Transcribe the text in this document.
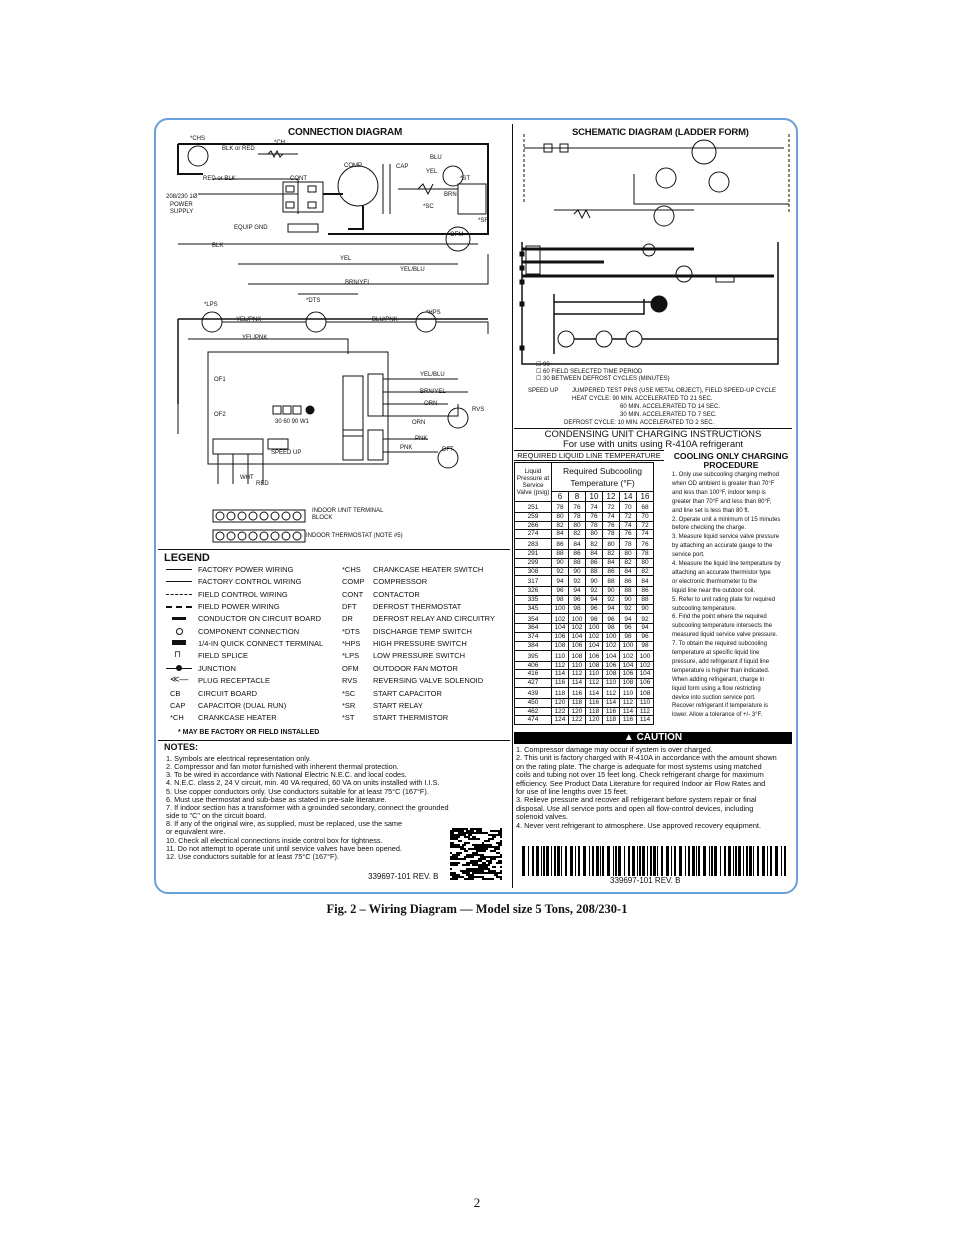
CONNECTION DIAGRAM
*CHS
*CH
BLK or RED
RED or BLK	CONT
COMP	CAP
*SC
*ST
*SR
BLU
YEL
BRN
208/230 1Ø
POWER
SUPPLY
EQUIP GND
OFM
BLK
YEL
YEL/BLU
BRN/YEL
*LPS
*DTS
*HPS
YEL/PNK	BLU/PNK
YEL/PNK
OF1
OF2
YEL/BLU
BRN/YEL
ORN
RVS
ORN
30 60 90 W1
PNK
PNK	DFT
SPEED UP
WHT
RED
INDOOR UNIT TERMINAL BLOCK
INDOOR THERMOSTAT (NOTE #5)
SCHEMATIC DIAGRAM (LADDER FORM)
☐ 90
☐ 60 FIELD SELECTED TIME PERIOD
☐ 30 BETWEEN DEFROST CYCLES (MINUTES)
SPEED UP JUMPERED TEST PINS (USE METAL OBJECT), FIELD SPEED-UP CYCLE
HEAT CYCLE: 90 MIN. ACCELERATED TO 21 SEC.
60 MIN. ACCELERATED TO 14 SEC.
30 MIN. ACCELERATED TO 7 SEC.
DEFROST CYCLE: 10 MIN. ACCELERATED TO 2 SEC.
CONDENSING UNIT CHARGING INSTRUCTIONS
For use with units using R-410A refrigerant
REQUIRED LIQUID LINE TEMPERATURE
Liquid Pressure at Service Valve (psig)	Required Subcooling Temperature (°F)					
	6	8	10	12	14	16
251	78	76	74	72	70	68
259	80	78	76	74	72	70
266	82	80	78	76	74	72
274	84	82	80	78	76	74
283	86	84	82	80	78	76
291	88	86	84	82	80	78
299	90	88	86	84	82	80
308	92	90	88	86	84	82
317	94	92	90	88	86	84
326	96	94	92	90	88	86
335	98	96	94	92	90	88
345	100	98	96	94	92	90
354	102	100	98	96	94	92
364	104	102	100	98	96	94
374	106	104	102	100	98	96
384	108	106	104	102	100	98
395	110	108	106	104	102	100
406	112	110	108	106	104	102
416	114	112	110	108	106	104
427	116	114	112	110	108	106
439	118	116	114	112	110	108
450	120	118	116	114	112	110
462	122	120	118	116	114	112
474	124	122	120	118	116	114
COOLING ONLY CHARGING PROCEDURE
1. Only use subcooling charging method
when OD ambient is greater than 70°F
and less than 100°F, indoor temp is
greater than 70°F and less than 80°F,
and line set is less than 80 ft.
2. Operate unit a minimum of 15 minutes
before checking the charge.
3. Measure liquid service valve pressure
by attaching an accurate gauge to the
service port.
4. Measure the liquid line temperature by
attaching an accurate thermistor type
or electronic thermometer to the
liquid line near the outdoor coil.
5. Refer to unit rating plate for required
subcooling temperature.
6. Find the point where the required
subcooling temperature intersects the
measured liquid service valve pressure.
7. To obtain the required subcooling
temperature at specific liquid line
pressure, add refrigerant if liquid line
temperature is higher than indicated.
When adding refrigerant, charge in
liquid form using a flow restricting
device into suction service port.
Recover refrigerant if temperature is
lower. Allow a tolerance of +/- 3°F.
▲ CAUTION
1. Compressor damage may occur if system is over charged.
2. This unit is factory charged with R-410A in accordance with the amount shown
on the rating plate. The charge is adequate for most systems using matched
coils and tubing not over 15 feet long. Check refrigerant charge for maximum
efficiency. See Product Data Literature for required Indoor air Flow Rates and
for use of line lengths over 15 feet.
3. Relieve pressure and recover all refrigerant before system repair or final
disposal. Use all service ports and open all flow-control devices, including
solenoid valves.
4. Never vent refrigerant to atmosphere. Use approved recovery equipment.
339697-101 REV. B
LEGEND
FACTORY POWER WIRING
FACTORY CONTROL WIRING
FIELD CONTROL WIRING
FIELD POWER WIRING
CONDUCTOR ON CIRCUIT BOARD
COMPONENT CONNECTION
1/4-IN QUICK CONNECT TERMINAL
⊓ FIELD SPLICE
JUNCTION
≪— PLUG RECEPTACLE
CB CIRCUIT BOARD
CAP CAPACITOR (DUAL RUN)
*CH CRANKCASE HEATER
*CHS CRANKCASE HEATER SWITCH
COMP COMPRESSOR
CONT CONTACTOR
DFT DEFROST THERMOSTAT
DR	DEFROST RELAY AND CIRCUITRY
*DTS DISCHARGE TEMP SWITCH
*HPS HIGH PRESSURE SWITCH
*LPS LOW PRESSURE SWITCH
OFM OUTDOOR FAN MOTOR
RVS REVERSING VALVE SOLENOID
*SC START CAPACITOR
*SR START RELAY
*ST START THERMISTOR
* MAY BE FACTORY OR FIELD INSTALLED
NOTES:
1. Symbols are electrical representation only.
2. Compressor and fan motor furnished with inherent thermal protection.
3. To be wired in accordance with National Electric N.E.C. and local codes.
4. N.E.C. class 2, 24 V circuit, min. 40 VA required, 60 VA on units installed with I.I.S.
5. Use copper conductors only. Use conductors suitable for at least 75°C (167°F).
6. Must use thermostat and sub-base as stated in pre-sale literature.
7. If indoor section has a transformer with a grounded secondary, connect the grounded
side to "C" on the circuit board.
8. If any of the original wire, as supplied, must be replaced, use the same
or equivalent wire.
10. Check all electrical connections inside control box for tightness.
11. Do not attempt to operate unit until service valves have been opened.
12. Use conductors suitable for at least 75°C (167°F).
339697-101 REV. B
Fig. 2 – Wiring Diagram — Model size 5 Tons, 208/230-1
2
